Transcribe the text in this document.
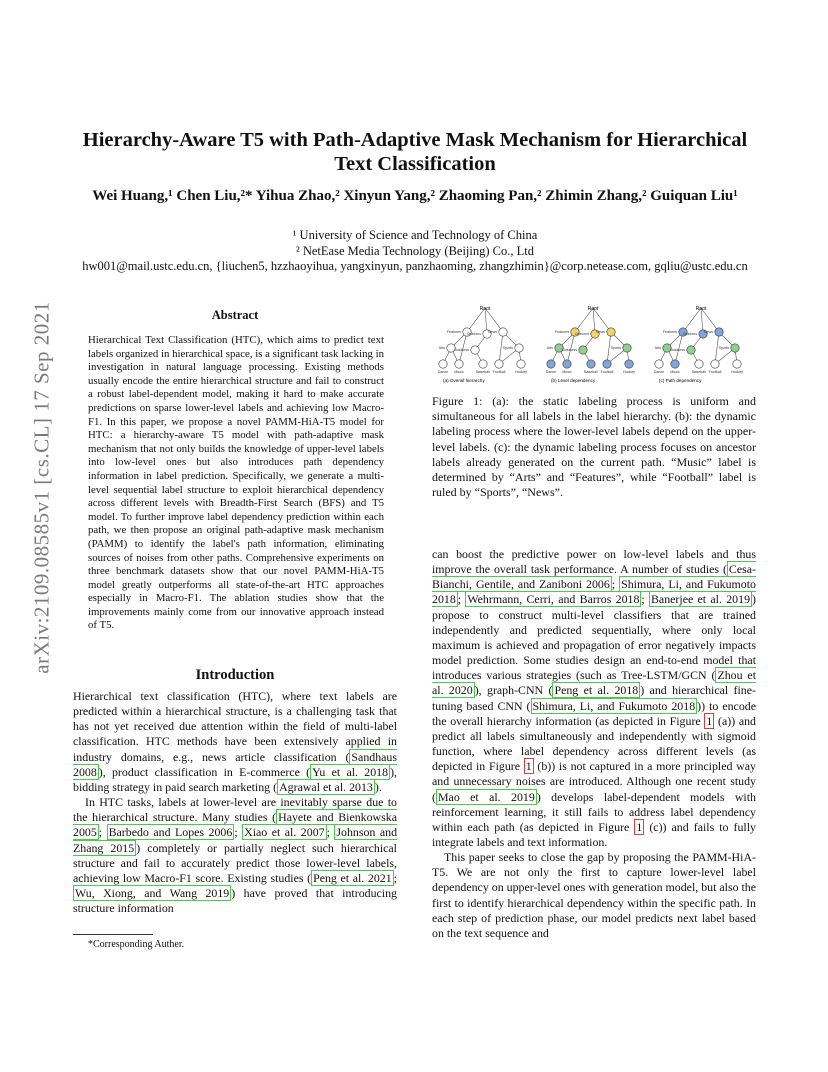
arXiv:2109.08585v1 [cs.CL] 17 Sep 2021
Hierarchy-Aware T5 with Path-Adaptive Mask Mechanism for Hierarchical Text Classification
Wei Huang,¹ Chen Liu,²* Yihua Zhao,² Xinyun Yang,² Zhaoming Pan,² Zhimin Zhang,² Guiquan Liu¹
¹ University of Science and Technology of China
² NetEase Media Technology (Beijing) Co., Ltd
hw001@mail.ustc.edu.cn, {liuchen5, hzzhaoyihua, yangxinyun, panzhaoming, zhangzhimin}@corp.netease.com, gqliu@ustc.edu.cn
Abstract
Hierarchical Text Classification (HTC), which aims to predict text labels organized in hierarchical space, is a significant task lacking in investigation in natural language processing. Existing methods usually encode the entire hierarchical structure and fail to construct a robust label-dependent model, making it hard to make accurate predictions on sparse lower-level labels and achieving low Macro-F1. In this paper, we propose a novel PAMM-HiA-T5 model for HTC: a hierarchy-aware T5 model with path-adaptive mask mechanism that not only builds the knowledge of upper-level labels into low-level ones but also introduces path dependency information in label prediction. Specifically, we generate a multi-level sequential label structure to exploit hierarchical dependency across different levels with Breadth-First Search (BFS) and T5 model. To further improve label dependency prediction within each path, we then propose an original path-adaptive mask mechanism (PAMM) to identify the label's path information, eliminating sources of noises from other paths. Comprehensive experiments on three benchmark datasets show that our novel PAMM-HiA-T5 model greatly outperforms all state-of-the-art HTC approaches especially in Macro-F1. The ablation studies show that the improvements mainly come from our innovative approach instead of T5.
Introduction

Hierarchical text classification (HTC), where text labels are predicted within a hierarchical structure, is a challenging task that has not yet received due attention within the field of multi-label classification. HTC methods have been extensively applied in industry domains, e.g., news article classification ( Sandhaus 2008 ), product classification in E-commerce ( Yu et al. 2018 ), bidding strategy in paid search marketing ( Agrawal et al. 2013 ).

In HTC tasks, labels at lower-level are inevitably sparse due to the hierarchical structure. Many studies ( Hayete and Bienkowska 2005 ; Barbedo and Lopes 2006 ; Xiao et al. 2007 ; Johnson and Zhang 2015 ) completely or partially neglect such hierarchical structure and fail to accurately predict those lower-level labels, achieving low Macro-F1 score. Existing studies ( Peng et al. 2021 ; Wu, Xiong, and Wang 2019 ) have proved that introducing structure information

*Corresponding Auther.
Root
Features Opinions News
Arts	Business	Sports
Dance Music	Baseball Football	Hockey
(a) Overall hierarchy
Root
Features Opinions News
Arts	Business	Sports
Dance Music	Baseball Football	Hockey
(b) Level dependency
Root
Features Opinions News
Arts	Business	Sports
Dance Music	Baseball Football	Hockey
(c) Path dependency
Figure 1: (a): the static labeling process is uniform and simultaneous for all labels in the label hierarchy. (b): the dynamic labeling process where the lower-level labels depend on the upper-level labels. (c): the dynamic labeling process focuses on ancestor labels already generated on the current path. “Music” label is determined by “Arts” and “Features”, while “Football” label is ruled by “Sports”, “News”.

can boost the predictive power on low-level labels and thus improve the overall task performance. A number of studies ( Cesa-Bianchi, Gentile, and Zaniboni 2006 ; Shimura, Li, and Fukumoto 2018 ; Wehrmann, Cerri, and Barros 2018 ; Banerjee et al. 2019 ) propose to construct multi-level classifiers that are trained independently and predicted sequentially, where only local maximum is achieved and propagation of error negatively impacts model prediction. Some studies design an end-to-end model that introduces various strategies (such as Tree-LSTM/GCN ( Zhou et al. 2020 ), graph-CNN ( Peng et al. 2018 ) and hierarchical fine-tuning based CNN ( Shimura, Li, and Fukumoto 2018 )) to encode the overall hierarchy information (as depicted in Figure 1 (a)) and predict all labels simultaneously and independently with sigmoid function, where label dependency across different levels (as depicted in Figure 1 (b)) is not captured in a more principled way and unnecessary noises are introduced. Although one recent study ( Mao et al. 2019 ) develops label-dependent models with reinforcement learning, it still fails to address label dependency within each path (as depicted in Figure 1 (c)) and fails to fully integrate labels and text information.

This paper seeks to close the gap by proposing the PAMM-HiA-T5. We are not only the first to capture lower-level label dependency on upper-level ones with generation model, but also the first to identify hierarchical dependency within the specific path. In each step of prediction phase, our model predicts next label based on the text sequence and
